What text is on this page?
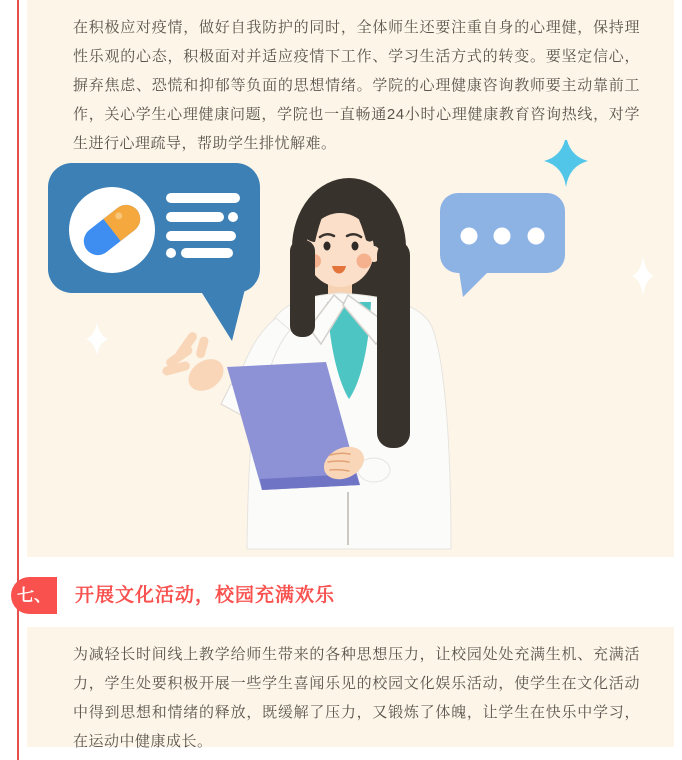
在积极应对疫情，做好自我防护的同时，全体师生还要注重自身的心理健，保持理性乐观的心态，积极面对并适应疫情下工作、学习生活方式的转变。要坚定信心，摒弃焦虑、恐慌和抑郁等负面的思想情绪。学院的心理健康咨询教师要主动靠前工作，关心学生心理健康问题，学院也一直畅通24小时心理健康教育咨询热线，对学生进行心理疏导，帮助学生排忧解难。

七、	开展文化活动，校园充满欢乐

为减轻长时间线上教学给师生带来的各种思想压力，让校园处处充满生机、充满活力，学生处要积极开展一些学生喜闻乐见的校园文化娱乐活动，使学生在文化活动中得到思想和情绪的释放，既缓解了压力，又锻炼了体魄，让学生在快乐中学习，在运动中健康成长。
